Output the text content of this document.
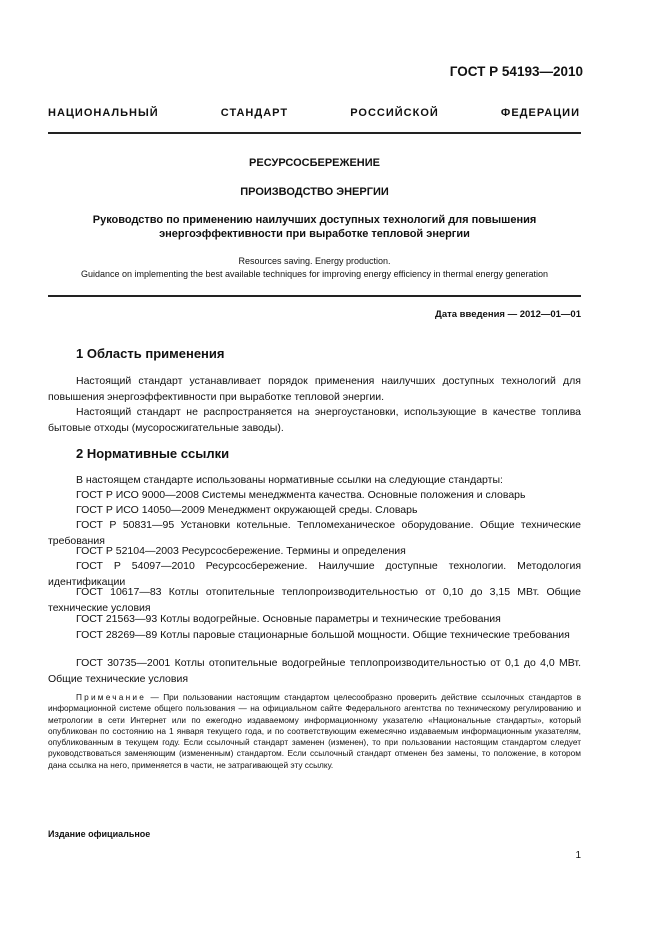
ГОСТ Р 54193—2010
НАЦИОНАЛЬНЫЙ СТАНДАРТ РОССИЙСКОЙ ФЕДЕРАЦИИ
РЕСУРСОСБЕРЕЖЕНИЕ
ПРОИЗВОДСТВО ЭНЕРГИИ
Руководство по применению наилучших доступных технологий для повышения энергоэффективности при выработке тепловой энергии
Resources saving. Energy production.
Guidance on implementing the best available techniques for improving energy efficiency in thermal energy generation
Дата введения — 2012—01—01
1 Область применения
Настоящий стандарт устанавливает порядок применения наилучших доступных технологий для повышения энергоэффективности при выработке тепловой энергии.
Настоящий стандарт не распространяется на энергоустановки, использующие в качестве топлива бытовые отходы (мусоросжигательные заводы).
2 Нормативные ссылки
В настоящем стандарте использованы нормативные ссылки на следующие стандарты:
ГОСТ Р ИСО 9000—2008 Системы менеджмента качества. Основные положения и словарь
ГОСТ Р ИСО 14050—2009 Менеджмент окружающей среды. Словарь
ГОСТ Р 50831—95 Установки котельные. Тепломеханическое оборудование. Общие технические требования
ГОСТ Р 52104—2003 Ресурсосбережение. Термины и определения
ГОСТ Р 54097—2010 Ресурсосбережение. Наилучшие доступные технологии. Методология идентификации
ГОСТ 10617—83 Котлы отопительные теплопроизводительностью от 0,10 до 3,15 МВт. Общие технические условия
ГОСТ 21563—93 Котлы водогрейные. Основные параметры и технические требования
ГОСТ 28269—89 Котлы паровые стационарные большой мощности. Общие технические требования
ГОСТ 30735—2001 Котлы отопительные водогрейные теплопроизводительностью от 0,1 до 4,0 МВт. Общие технические условия
Примечание — При пользовании настоящим стандартом целесообразно проверить действие ссылочных стандартов в информационной системе общего пользования — на официальном сайте Федерального агентства по техническому регулированию и метрологии в сети Интернет или по ежегодно издаваемому информационному указателю «Национальные стандарты», который опубликован по состоянию на 1 января текущего года, и по соответствующим ежемесячно издаваемым информационным указателям, опубликованным в текущем году. Если ссылочный стандарт заменен (изменен), то при пользовании настоящим стандартом следует руководствоваться заменяющим (измененным) стандартом. Если ссылочный стандарт отменен без замены, то положение, в котором дана ссылка на него, применяется в части, не затрагивающей эту ссылку.
Издание официальное
1
